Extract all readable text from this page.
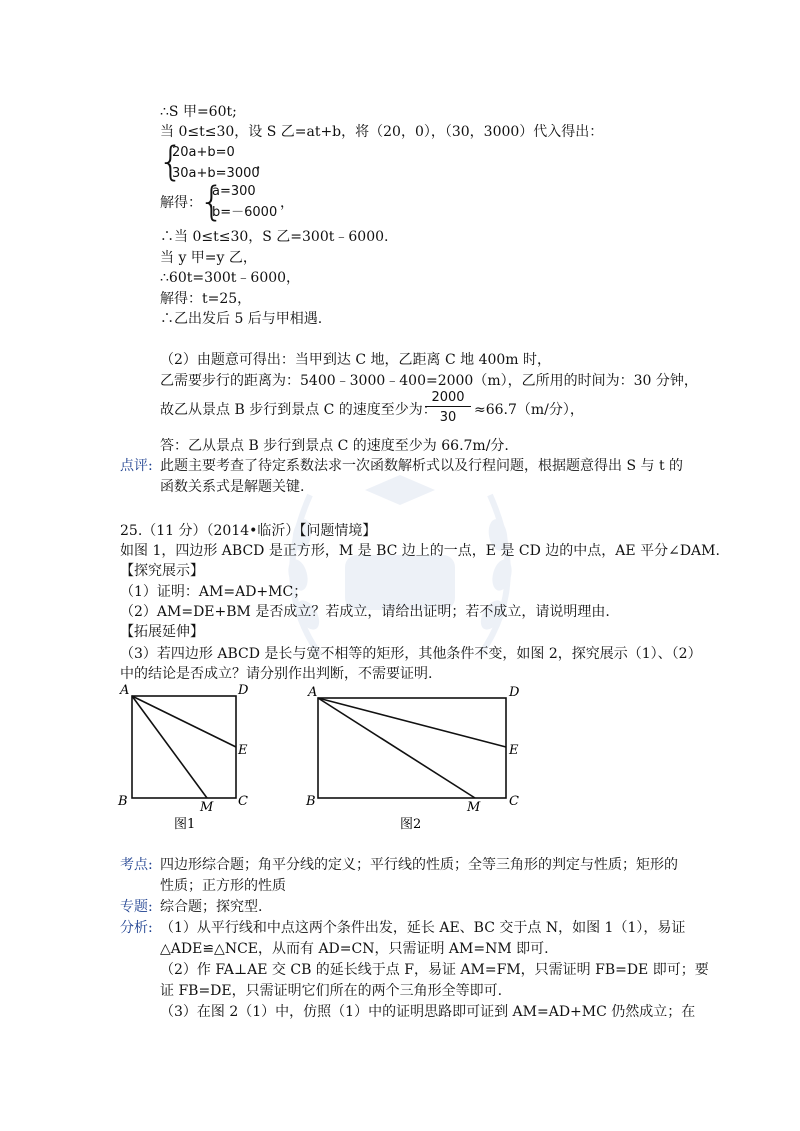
∴S 甲=60t;
当 0≤t≤30，设 S 乙=at+b，将（20，0），（30，3000）代入得出：
{
20a+b=0
30a+b=3000
，
解得：
{
a=300
b=－6000
，
∴当 0≤t≤30，S 乙=300t﹣6000.
当 y 甲=y 乙，
∴60t=300t﹣6000，
解得：t=25，
∴乙出发后 5 后与甲相遇.
（2）由题意可得出：当甲到达 C 地，乙距离 C 地 400m 时，
乙需要步行的距离为：5400﹣3000﹣400=2000（m），乙所用的时间为：30 分钟，
故乙从景点 B 步行到景点 C 的速度至少为：
2000
30	≈66.7（m/分），
答：乙从景点 B 步行到景点 C 的速度至少为 66.7m/分.
点评: 此题主要考查了待定系数法求一次函数解析式以及行程问题，根据题意得出 S 与 t 的
函数关系式是解题关键.
25.（11 分）（2014•临沂）【问题情境】
如图 1，四边形 ABCD 是正方形，M 是 BC 边上的一点，E 是 CD 边的中点，AE 平分∠DAM.
【探究展示】
（1）证明：AM=AD+MC；
（2）AM=DE+BM 是否成立？若成立，请给出证明；若不成立，请说明理由.
【拓展延伸】
（3）若四边形 ABCD 是长与宽不相等的矩形，其他条件不变，如图 2，探究展示（1）、（2）
中的结论是否成立？请分别作出判断，不需要证明.
A	D
E
B	C
M
图1
A	D
E
B	C
M
图2
考点: 四边形综合题；角平分线的定义；平行线的性质；全等三角形的判定与性质；矩形的
性质；正方形的性质
专题: 综合题；探究型.
分析: （1）从平行线和中点这两个条件出发，延长 AE、BC 交于点 N，如图 1（1），易证
△ADE≌△NCE，从而有 AD=CN，只需证明 AM=NM 即可.
（2）作 FA⊥AE 交 CB 的延长线于点 F，易证 AM=FM，只需证明 FB=DE 即可；要
证 FB=DE，只需证明它们所在的两个三角形全等即可.
（3）在图 2（1）中，仿照（1）中的证明思路即可证到 AM=AD+MC 仍然成立；在
